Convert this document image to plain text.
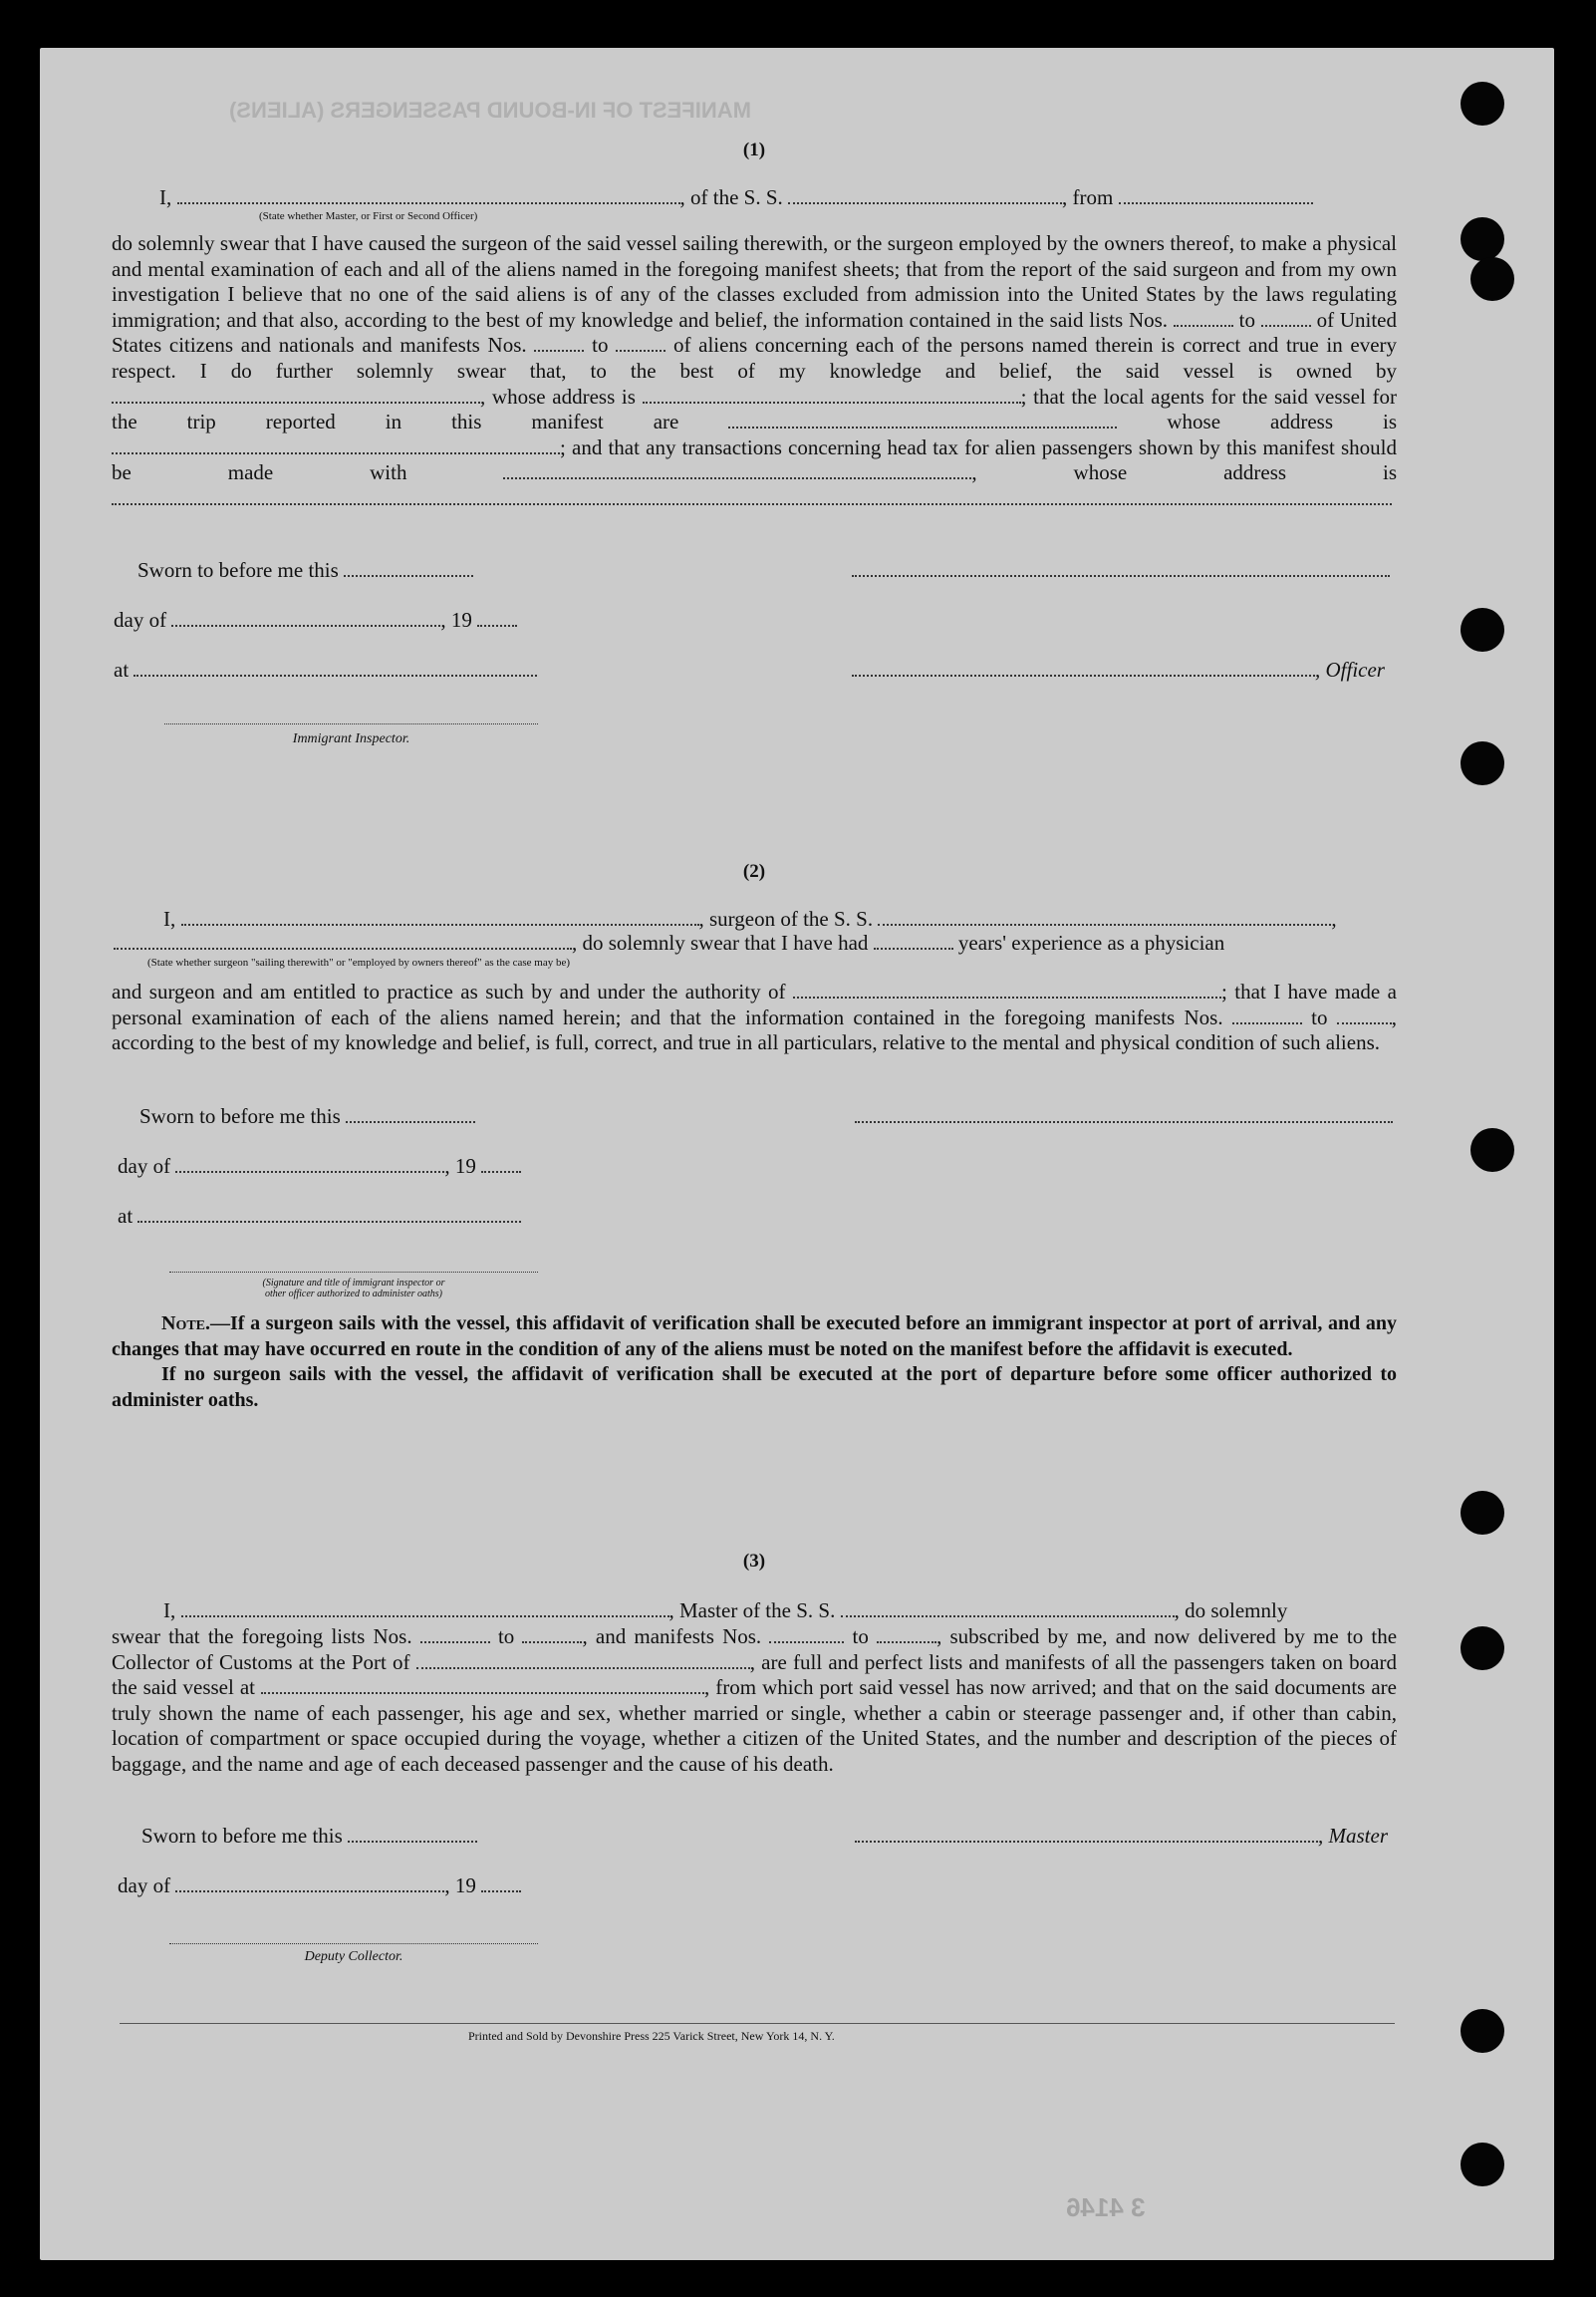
MANIFEST OF IN-BOUND PASSENGERS (ALIENS)
3 4146
(1)
I,	, of the S. S.	, from
(State whether Master, or First or Second Officer)
do solemnly swear that I have caused the surgeon of the said vessel sailing therewith, or the surgeon employed by the owners thereof, to make a physical and mental examination of each and all of the aliens named in the foregoing manifest sheets; that from the report of the said surgeon and from my own investigation I believe that no one of the said aliens is of any of the classes excluded from admission into the United States by the laws regulating immigration; and that also, according to the best of my knowledge and belief, the information contained in the said lists Nos.	to	of United States citizens and nationals and manifests Nos.	to	of aliens concerning each of the persons named therein is correct and true in every respect. I do further solemnly swear that, to the best of my knowledge and belief, the said vessel is owned by , whose address is	; that the local agents for the said vessel for the trip reported in this manifest are	whose address is ; and that any transactions concerning head tax for alien passengers shown by this manifest should be made with	, whose address is
Sworn to before me this
day of	, 19
at	, Officer
Immigrant Inspector.
(2)
I,	, surgeon of the S. S.	,
, do solemnly swear that I have had	years' experience as a physician
(State whether surgeon "sailing therewith" or "employed by owners thereof" as the case may be)
and surgeon and am entitled to practice as such by and under the authority of	; that I have made a personal examination of each of the aliens named herein; and that the information contained in the foregoing manifests Nos.	to	, according to the best of my knowledge and belief, is full, correct, and true in all particulars, relative to the mental and physical condition of such aliens.
Sworn to before me this
day of	, 19
at
(Signature and title of immigrant inspector or
other officer authorized to administer oaths)
Note.—If a surgeon sails with the vessel, this affidavit of verification shall be executed before an immigrant inspector at port of arrival, and any changes that may have occurred en route in the condition of any of the aliens must be noted on the manifest before the affidavit is executed.
If no surgeon sails with the vessel, the affidavit of verification shall be executed at the port of departure before some officer authorized to administer oaths.
(3)
I,	, Master of the S. S.	, do solemnly
swear that the foregoing lists Nos.	to	, and manifests Nos.	to	, subscribed by me, and now delivered by me to the Collector of Customs at the Port of	, are full and perfect lists and manifests of all the passengers taken on board the said vessel at	, from which port said vessel has now arrived; and that on the said documents are truly shown the name of each passenger, his age and sex, whether married or single, whether a cabin or steerage passenger and, if other than cabin, location of compartment or space occupied during the voyage, whether a citizen of the United States, and the number and description of the pieces of baggage, and the name and age of each deceased passenger and the cause of his death.
Sworn to before me this	, Master
day of	, 19
Deputy Collector.
Printed and Sold by Devonshire Press 225 Varick Street, New York 14, N. Y.
